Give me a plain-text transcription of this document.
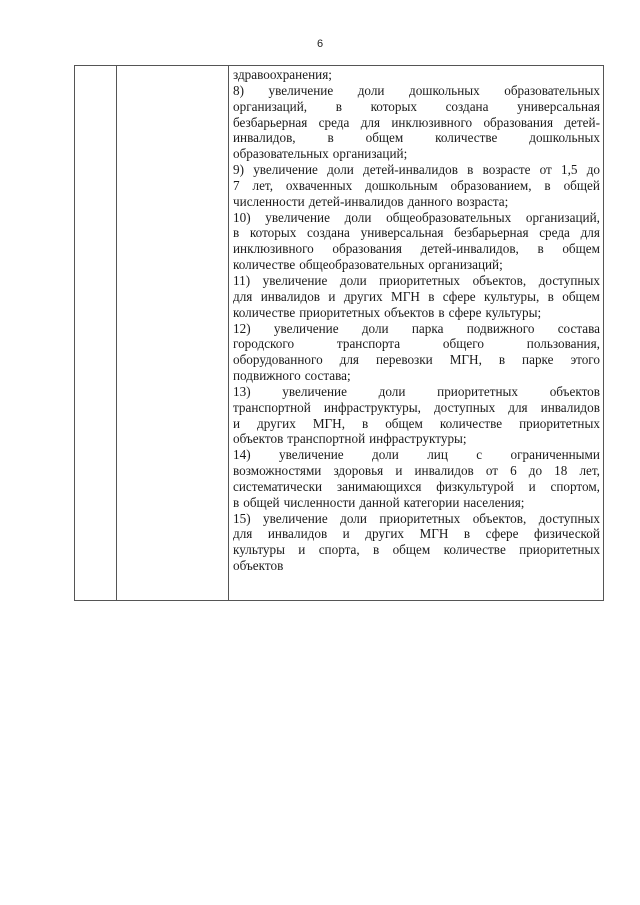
6
здравоохранения;
8) увеличение доли дошкольных образовательных
организаций, в которых создана универсальная
безбарьерная среда для инклюзивного образования детей-
инвалидов, в общем количестве дошкольных
образовательных организаций;
9) увеличение доли детей-инвалидов в возрасте от 1,5 до
7 лет, охваченных дошкольным образованием, в общей
численности детей-инвалидов данного возраста;
10) увеличение доли общеобразовательных организаций,
в которых создана универсальная безбарьерная среда для
инклюзивного образования детей-инвалидов, в общем
количестве общеобразовательных организаций;
11) увеличение доли приоритетных объектов, доступных
для инвалидов и других МГН в сфере культуры, в общем
количестве приоритетных объектов в сфере культуры;
12) увеличение доли парка подвижного состава
городского	транспорта	общего	пользования,
оборудованного для перевозки МГН, в парке этого
подвижного состава;
13) увеличение доли приоритетных объектов
транспортной инфраструктуры, доступных для инвалидов
и других МГН, в общем количестве приоритетных
объектов транспортной инфраструктуры;
14) увеличение доли лиц с ограниченными
возможностями здоровья и инвалидов от 6 до 18 лет,
систематически занимающихся физкультурой и спортом,
в общей численности данной категории населения;
15) увеличение доли приоритетных объектов, доступных
для инвалидов и других МГН в сфере физической
культуры и спорта, в общем количестве приоритетных
объектов
